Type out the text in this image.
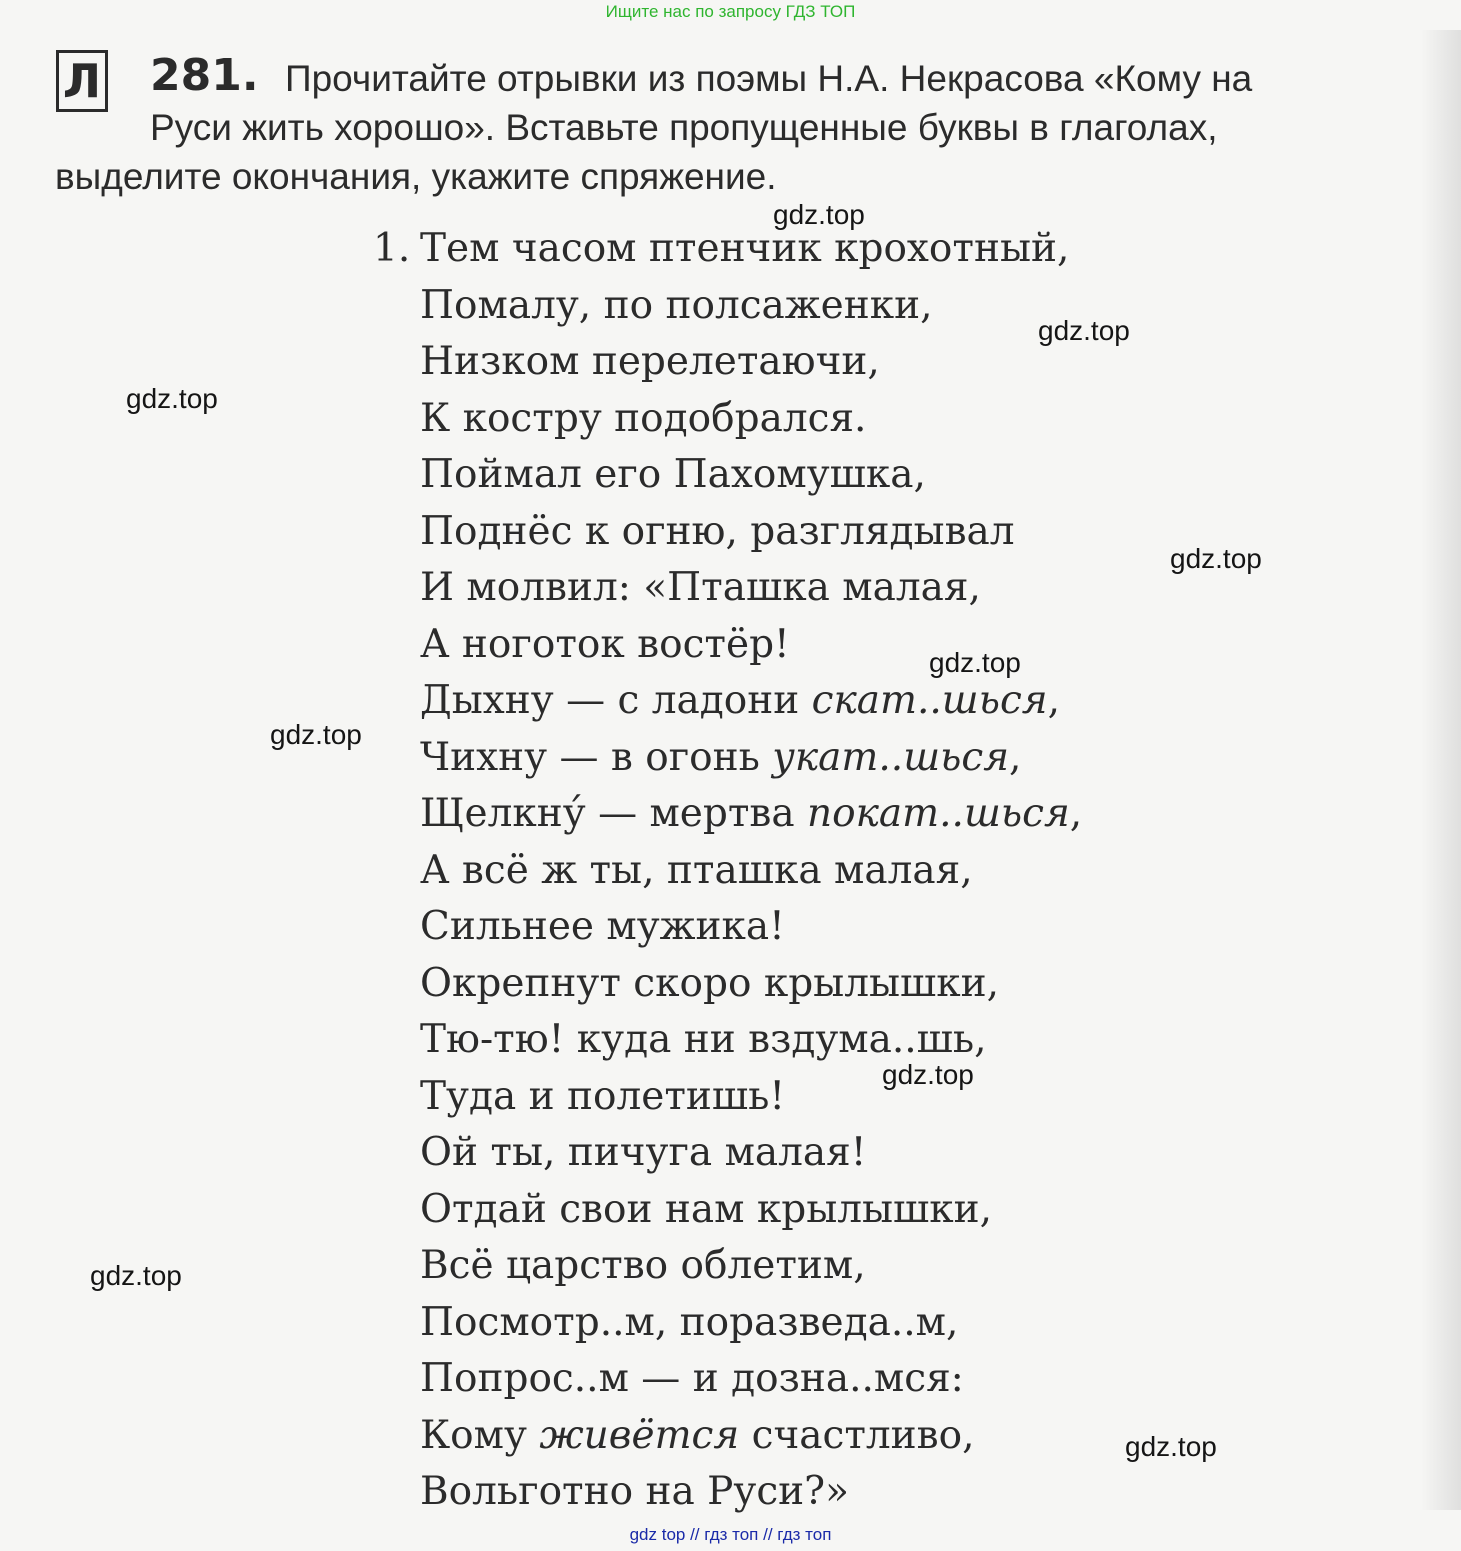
Ищите нас по запросу ГДЗ ТОП
Л 281. Прочитайте отрывки из поэмы Н.А. Некрасова «Кому на
Руси жить хорошо». Вставьте пропущенные буквы в глаголах,
выделите окончания, укажите спряжение.
1. Тем часом птенчик крохотный,
Помалу, по полсаженки,
Низком перелетаючи,
К костру подобрался.
Поймал его Пахомушка,
Поднёс к огню, разглядывал
И молвил: «Пташка малая,
А ноготок востёр!
Дыхну — с ладони скат..шься,
Чихну — в огонь укат..шься,
Щелкну́ — мертва покат..шься,
А всё ж ты, пташка малая,
Сильнее мужика!
Окрепнут скоро крылышки,
Тю-тю! куда ни вздума..шь,
Туда и полетишь!
Ой ты, пичуга малая!
Отдай свои нам крылышки,
Всё царство облетим,
Посмотр..м, поразведа..м,
Попрос..м — и дозна..мся:
Кому живётся счастливо,
Вольготно на Руси?»
gdz.top
gdz.top
gdz.top
gdz.top
gdz.top
gdz.top
gdz.top
gdz.top
gdz.top
gdz top // гдз топ // гдз топ
